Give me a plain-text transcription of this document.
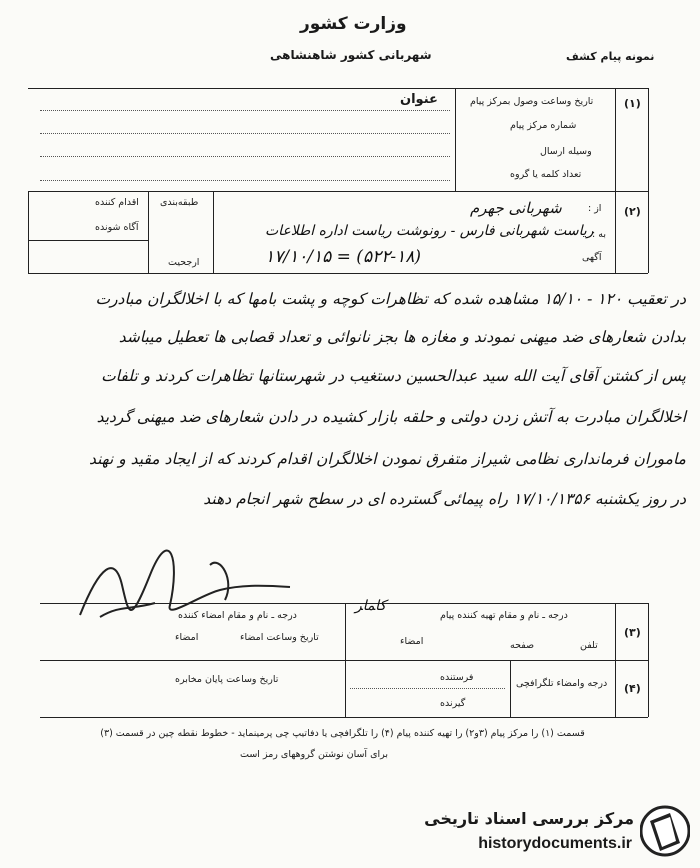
وزارت کشور
شهربانی کشور شاهنشاهی	نمونه پیام کشف
(۱)
عنوان	تاریخ وساعت وصول بمرکز پیام
شماره مرکز پیام
وسیله ارسال
تعداد کلمه یا گروه
(۲)
طبقه‌بندی
اقدام کننده
آگاه شونده
ارجحیت
از :
شهربانی جهرم
به :
ریاست شهربانی فارس - رونوشت ریاست اداره اطلاعات
آگهی
(۵۲۲-۱۸) = ۱۷/۱۰/۱۵
در تعقیب ۱۲۰ - ۱۵/۱۰ مشاهده شده که تظاهرات کوچه و پشت بامها که با اخلالگران مبادرت
بدادن شعارهای ضد میهنی نمودند و مغازه ها بجز نانوائی و تعداد قصابی ها تعطیل میباشد
پس از کشتن آقای آیت الله سید عبدالحسین دستغیب در شهرستانها تظاهرات کردند و تلفات
اخلالگران مبادرت به آتش زدن دولتی و حلقه بازار کشیده در دادن شعارهای ضد میهنی گردید
ماموران فرمانداری نظامی شیراز متفرق نمودن اخلالگران اقدام کردند که از ایجاد مقید و نهند
در روز یکشنبه ۱۷/۱۰/۱۳۵۶ راه پیمائی گسترده ای در سطح شهر انجام دهند
(۳)
درجه ـ نام و مقام تهیه کننده پیام
تلفن
صفحه
امضاء
ﻛﺎﻤﺎﺮ
درجه ـ نام و مقام امضاء کننده
تاریخ وساعت امضاء
امضاء
(۴)
درجه وامضاء تلگرافچی
فرستنده
گیرنده
تاریخ وساعت پایان مخابره
قسمت (۱) را مرکز پیام (۳و۲) را تهیه کننده پیام (۴) را تلگرافچی یا دفاتیپ چی پرمینماید - خطوط نقطه چین در قسمت (۳)
برای آسان نوشتن گروههای رمز است
مرکز بررسی اسناد تاریخی
historydocuments.ir
